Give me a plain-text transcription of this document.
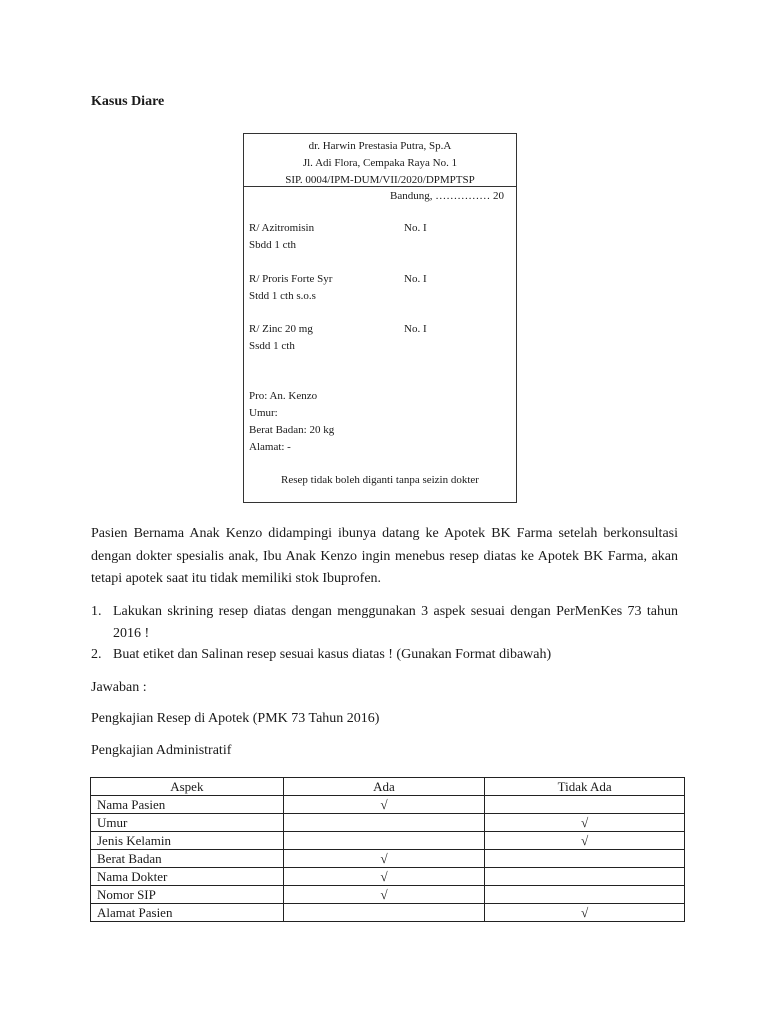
Kasus Diare
dr. Harwin Prestasia Putra, Sp.A
Jl. Adi Flora, Cempaka Raya No. 1
SIP. 0004/IPM-DUM/VII/2020/DPMPTSP
Bandung, …………… 20
R/ Azitromisin	No. I
Sbdd 1 cth
R/ Proris Forte Syr	No. I
Stdd 1 cth s.o.s
R/ Zinc 20 mg	No. I
Ssdd 1 cth
Pro: An. Kenzo
Umur:
Berat Badan: 20 kg
Alamat: -
Resep tidak boleh diganti tanpa seizin dokter
Pasien Bernama Anak Kenzo didampingi ibunya datang ke Apotek BK Farma setelah berkonsultasi dengan dokter spesialis anak, Ibu Anak Kenzo ingin menebus resep diatas ke Apotek BK Farma, akan tetapi apotek saat itu tidak memiliki stok Ibuprofen.
1. Lakukan skrining resep diatas dengan menggunakan 3 aspek sesuai dengan PerMenKes 73 tahun 2016 !
2. Buat etiket dan Salinan resep sesuai kasus diatas ! (Gunakan Format dibawah)
Jawaban :
Pengkajian Resep di Apotek (PMK 73 Tahun 2016)
Pengkajian Administratif
Aspek	Ada	Tidak Ada
Nama Pasien	√	
Umur		√
Jenis Kelamin		√
Berat Badan	√	
Nama Dokter	√	
Nomor SIP	√	
Alamat Pasien		√
